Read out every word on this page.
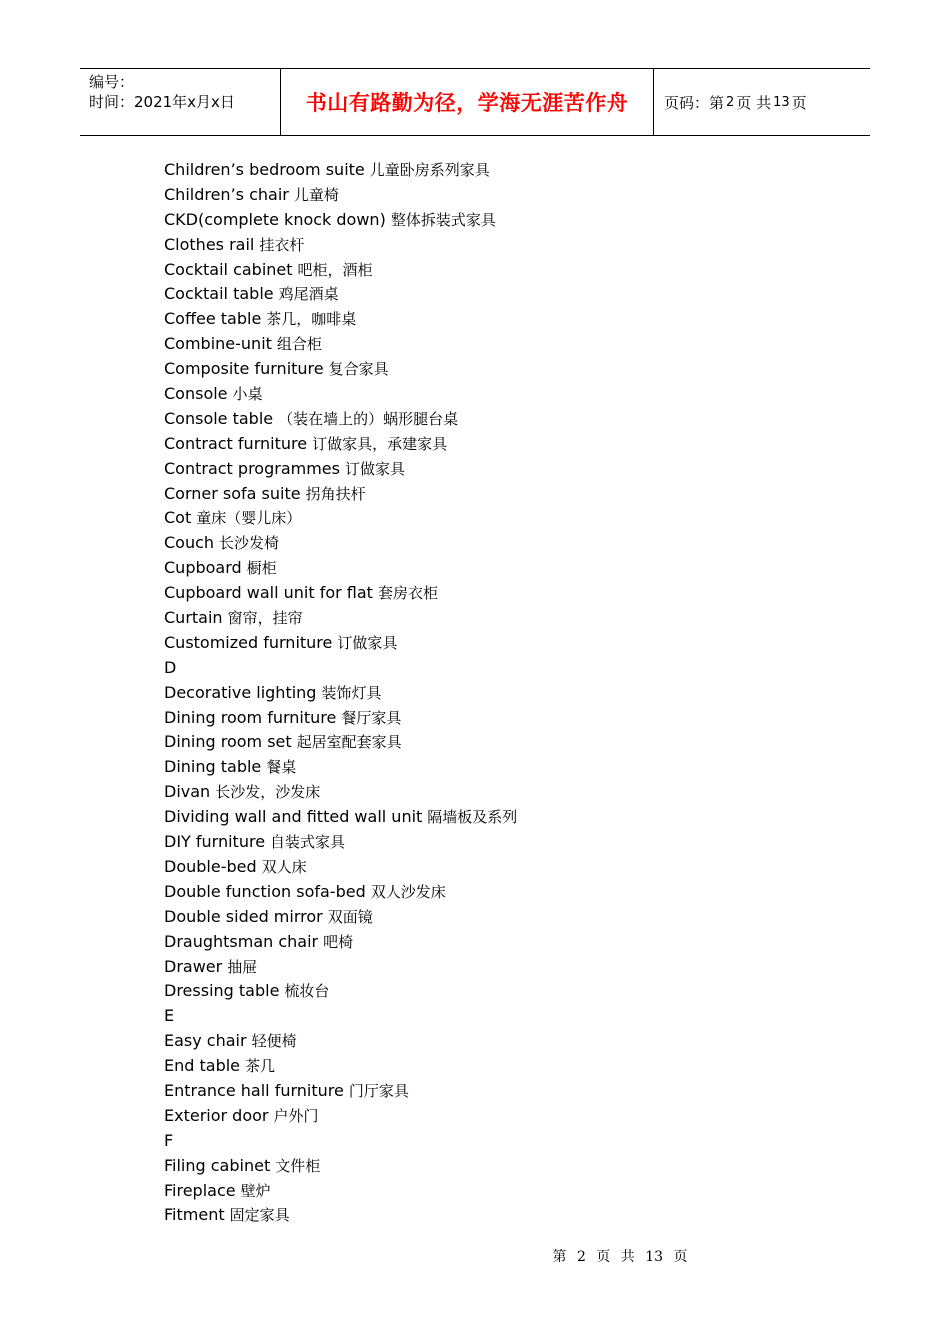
编号：
时间：2021年x月x日	书山有路勤为径，学海无涯苦作舟 页码：第 2 页 共 13 页
Children’s bedroom suite 儿童卧房系列家具
Children’s chair 儿童椅
CKD(complete knock down) 整体拆装式家具
Clothes rail 挂衣杆
Cocktail cabinet 吧柜，酒柜
Cocktail table 鸡尾酒桌
Coffee table 茶几，咖啡桌
Combine-unit 组合柜
Composite furniture 复合家具
Console 小桌
Console table （装在墙上的）蜗形腿台桌
Contract furniture 订做家具，承建家具
Contract programmes 订做家具
Corner sofa suite 拐角扶杆
Cot 童床（婴儿床）
Couch 长沙发椅
Cupboard 橱柜
Cupboard wall unit for flat 套房衣柜
Curtain 窗帘，挂帘
Customized furniture 订做家具
D
Decorative lighting 装饰灯具
Dining room furniture 餐厅家具
Dining room set 起居室配套家具
Dining table 餐桌
Divan 长沙发，沙发床
Dividing wall and fitted wall unit 隔墙板及系列
DIY furniture 自装式家具
Double-bed 双人床
Double function sofa-bed 双人沙发床
Double sided mirror 双面镜
Draughtsman chair 吧椅
Drawer 抽屉
Dressing table 梳妆台
E
Easy chair 轻便椅
End table 茶几
Entrance hall furniture 门厅家具
Exterior door 户外门
F
Filing cabinet 文件柜
Fireplace 壁炉
Fitment 固定家具
第 2 页 共 13 页
